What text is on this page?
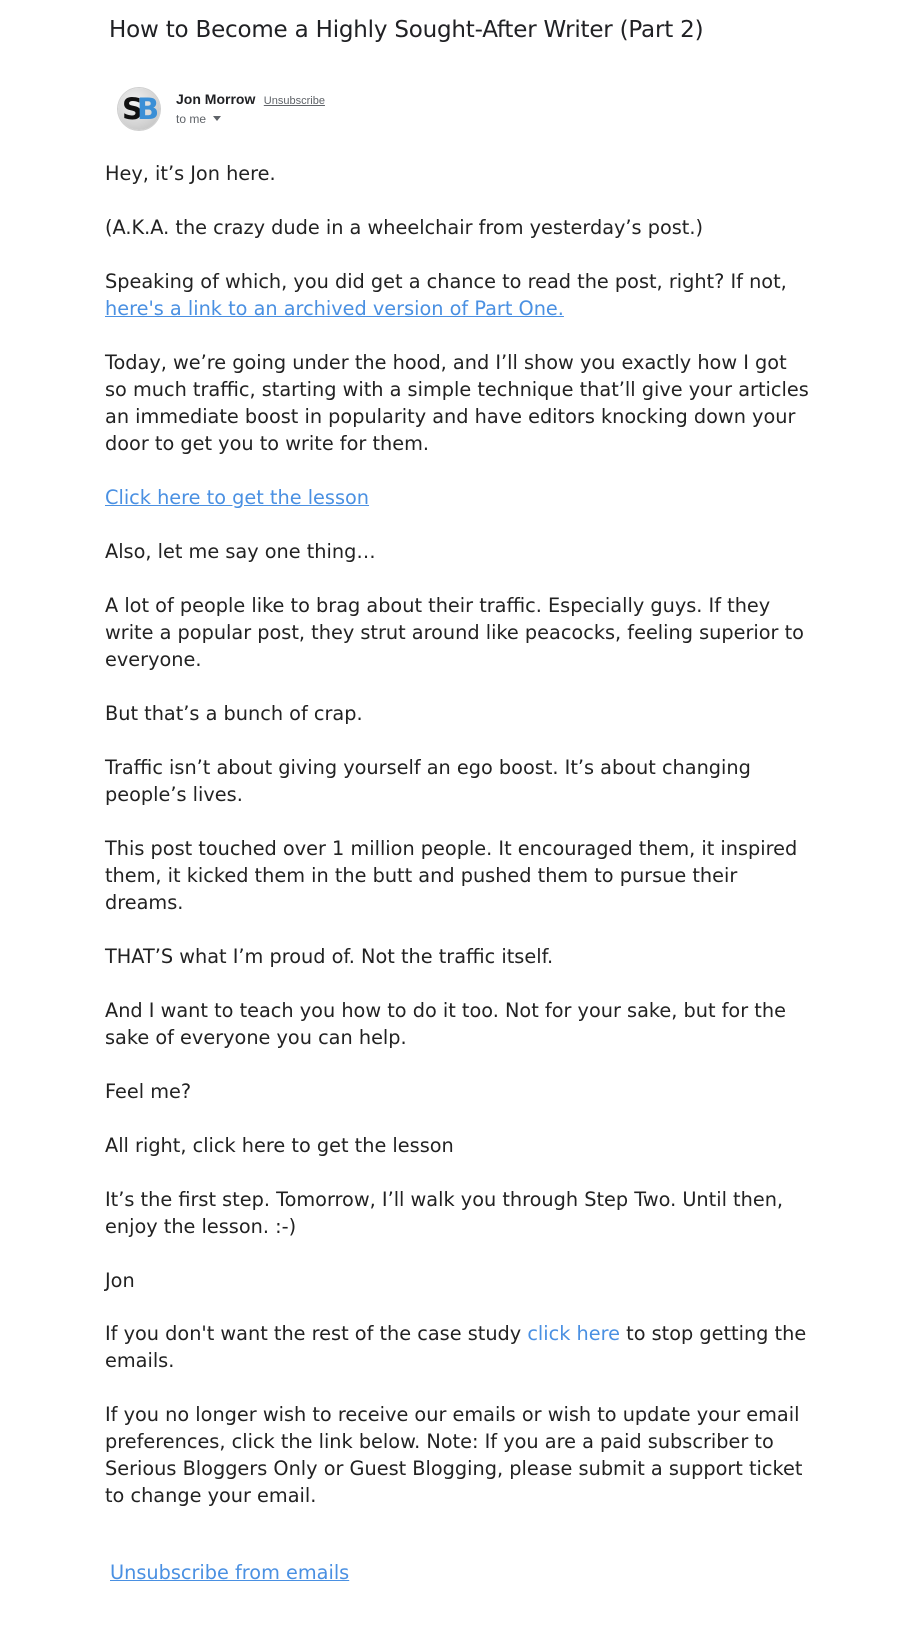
How to Become a Highly Sought-After Writer (Part 2)
S
B Jon Morrow Unsubscribe
to me

Hey, it’s Jon here.

(A.K.A. the crazy dude in a wheelchair from yesterday’s post.)

Speaking of which, you did get a chance to read the post, right? If not,
here's a link to an archived version of Part One.

Today, we’re going under the hood, and I’ll show you exactly how I got so much traffic, starting with a simple technique that’ll give your articles an immediate boost in popularity and have editors knocking down your door to get you to write for them.

Click here to get the lesson

Also, let me say one thing…

A lot of people like to brag about their traffic. Especially guys. If they write a popular post, they strut around like peacocks, feeling superior to everyone.

But that’s a bunch of crap.

Traffic isn’t about giving yourself an ego boost. It’s about changing people’s lives.

This post touched over 1 million people. It encouraged them, it inspired them, it kicked them in the butt and pushed them to pursue their dreams.

THAT’S what I’m proud of. Not the traffic itself.

And I want to teach you how to do it too. Not for your sake, but for the sake of everyone you can help.

Feel me?

All right, click here to get the lesson

It’s the first step. Tomorrow, I’ll walk you through Step Two. Until then, enjoy the lesson. :-)

Jon

If you don't want the rest of the case study click here to stop getting the emails.

If you no longer wish to receive our emails or wish to update your email preferences, click the link below. Note: If you are a paid subscriber to Serious Bloggers Only or Guest Blogging, please submit a support ticket to change your email.

Unsubscribe from emails
